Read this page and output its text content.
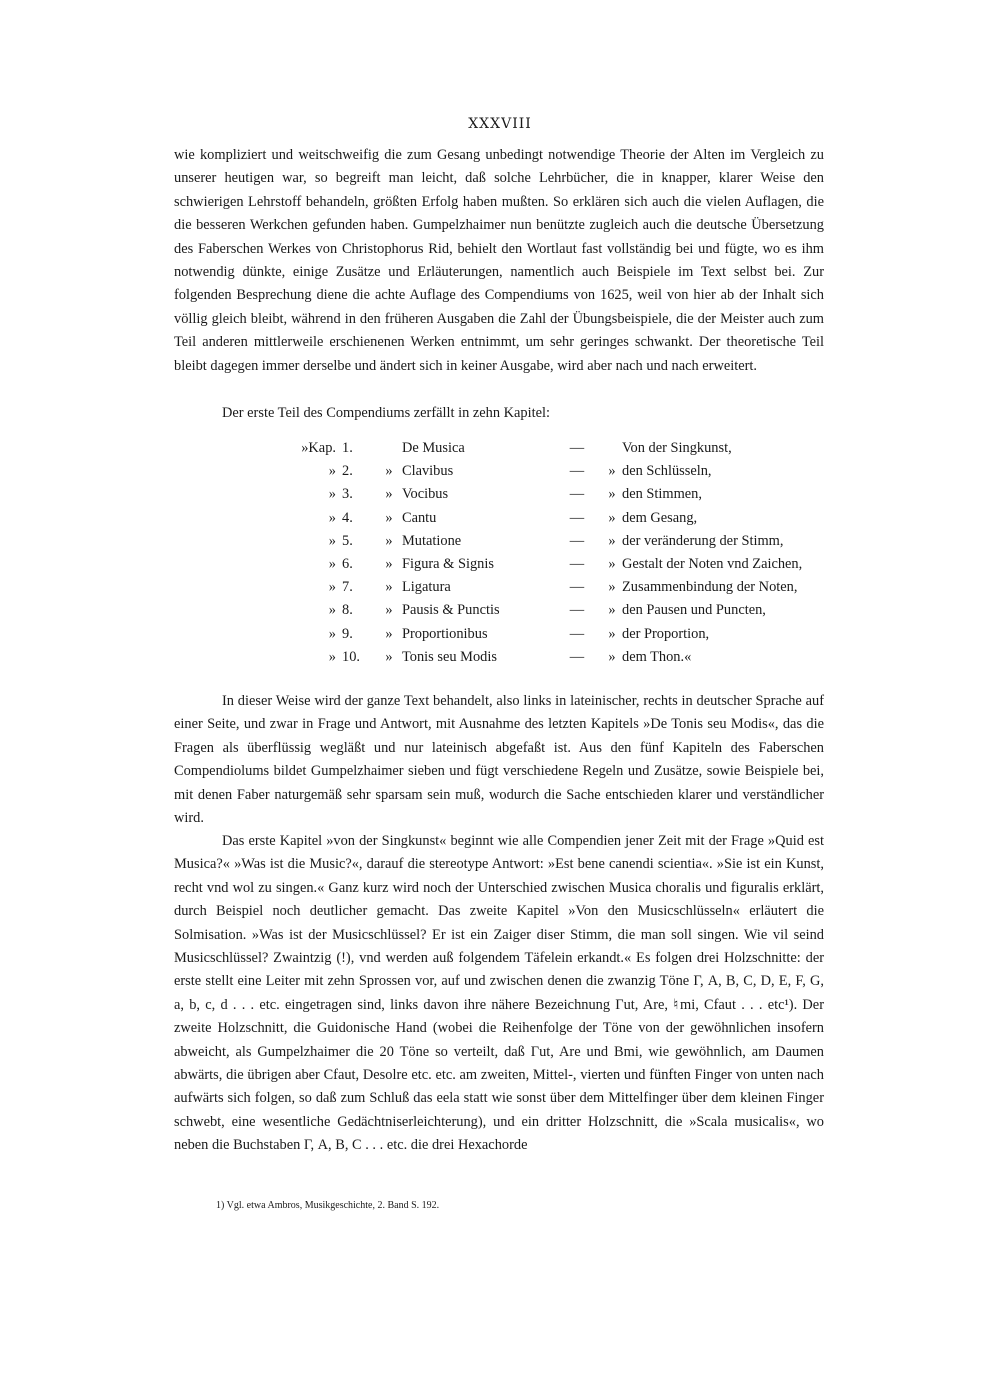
XXXVIII
wie kompliziert und weitschweifig die zum Gesang unbedingt notwendige Theorie der Alten im Vergleich zu unserer heutigen war, so begreift man leicht, daß solche Lehrbücher, die in knapper, klarer Weise den schwierigen Lehrstoff behandeln, größten Erfolg haben mußten. So erklären sich auch die vielen Auflagen, die die besseren Werkchen gefunden haben. Gumpelzhaimer nun benützte zugleich auch die deutsche Übersetzung des Faberschen Werkes von Christophorus Rid, behielt den Wortlaut fast vollständig bei und fügte, wo es ihm notwendig dünkte, einige Zusätze und Erläuterungen, namentlich auch Beispiele im Text selbst bei. Zur folgenden Besprechung diene die achte Auflage des Compendiums von 1625, weil von hier ab der Inhalt sich völlig gleich bleibt, während in den früheren Ausgaben die Zahl der Übungsbeispiele, die der Meister auch zum Teil anderen mittlerweile erschienenen Werken entnimmt, um sehr geringes schwankt. Der theoretische Teil bleibt dagegen immer derselbe und ändert sich in keiner Ausgabe, wird aber nach und nach erweitert.
Der erste Teil des Compendiums zerfällt in zehn Kapitel:
»Kap.	1.		De Musica	—		Von der Singkunst,
»	2.	»	Clavibus	—	»	den Schlüsseln,
»	3.	»	Vocibus	—	»	den Stimmen,
»	4.	»	Cantu	—	»	dem Gesang,
»	5.	»	Mutatione	—	»	der veränderung der Stimm,
»	6.	»	Figura & Signis	—	»	Gestalt der Noten vnd Zaichen,
»	7.	»	Ligatura	—	»	Zusammenbindung der Noten,
»	8.	»	Pausis & Punctis	—	»	den Pausen und Puncten,
»	9.	»	Proportionibus	—	»	der Proportion,
»	10.	»	Tonis seu Modis	—	»	dem Thon.«
In dieser Weise wird der ganze Text behandelt, also links in lateinischer, rechts in deutscher Sprache auf einer Seite, und zwar in Frage und Antwort, mit Ausnahme des letzten Kapitels »De Tonis seu Modis«, das die Fragen als überflüssig wegläßt und nur lateinisch abgefaßt ist. Aus den fünf Kapiteln des Faberschen Compendiolums bildet Gumpelzhaimer sieben und fügt verschiedene Regeln und Zusätze, sowie Beispiele bei, mit denen Faber naturgemäß sehr sparsam sein muß, wodurch die Sache entschieden klarer und verständlicher wird.
Das erste Kapitel »von der Singkunst« beginnt wie alle Compendien jener Zeit mit der Frage »Quid est Musica?« »Was ist die Music?«, darauf die stereotype Antwort: »Est bene canendi scientia«. »Sie ist ein Kunst, recht vnd wol zu singen.« Ganz kurz wird noch der Unterschied zwischen Musica choralis und figuralis erklärt, durch Beispiel noch deutlicher gemacht. Das zweite Kapitel »Von den Musicschlüsseln« erläutert die Solmisation. »Was ist der Musicschlüssel? Er ist ein Zaiger diser Stimm, die man soll singen. Wie vil seind Musicschlüssel? Zwaintzig (!), vnd werden auß folgendem Täfelein erkandt.« Es folgen drei Holzschnitte: der erste stellt eine Leiter mit zehn Sprossen vor, auf und zwischen denen die zwanzig Töne Γ, A, B, C, D, E, F, G, a, b, c, d . . . etc. eingetragen sind, links davon ihre nähere Bezeichnung Γut, Are, ♮mi, Cfaut . . . etc¹). Der zweite Holzschnitt, die Guidonische Hand (wobei die Reihenfolge der Töne von der gewöhnlichen insofern abweicht, als Gumpelzhaimer die 20 Töne so verteilt, daß Γut, Are und Bmi, wie gewöhnlich, am Daumen abwärts, die übrigen aber Cfaut, Desolre etc. etc. am zweiten, Mittel-, vierten und fünften Finger von unten nach aufwärts sich folgen, so daß zum Schluß das eela statt wie sonst über dem Mittelfinger über dem kleinen Finger schwebt, eine wesentliche Gedächtniserleichterung), und ein dritter Holzschnitt, die »Scala musicalis«, wo neben die Buchstaben Γ, A, B, C . . . etc. die drei Hexachorde
1) Vgl. etwa Ambros, Musikgeschichte, 2. Band S. 192.
